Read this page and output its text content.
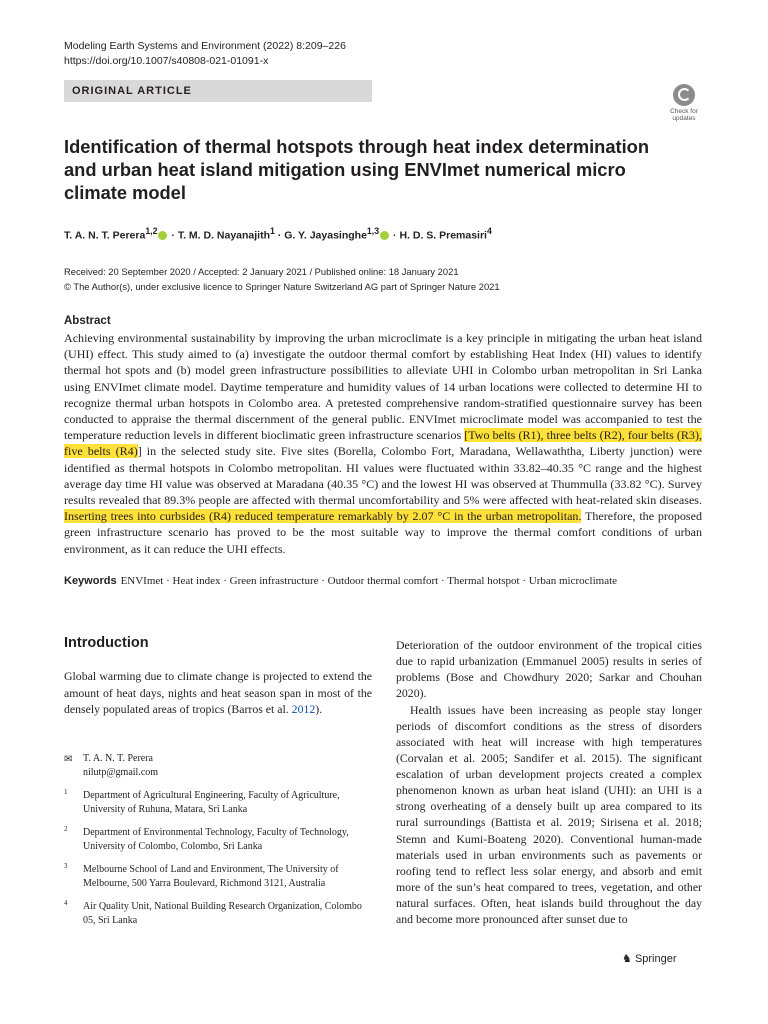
Modeling Earth Systems and Environment (2022) 8:209–226
https://doi.org/10.1007/s40808-021-01091-x
ORIGINAL ARTICLE
Check for updates
Identification of thermal hotspots through heat index determination and urban heat island mitigation using ENVImet numerical micro climate model
T. A. N. T. Perera$^{1,2}$ · T. M. D. Nayanajith$^1$ · G. Y. Jayasinghe$^{1,3}$ · H. D. S. Premasiri$^4$
Received: 20 September 2020 / Accepted: 2 January 2021 / Published online: 18 January 2021
© The Author(s), under exclusive licence to Springer Nature Switzerland AG part of Springer Nature 2021
Abstract
Achieving environmental sustainability by improving the urban microclimate is a key principle in mitigating the urban heat island (UHI) effect. This study aimed to (a) investigate the outdoor thermal comfort by establishing Heat Index (HI) values to identify thermal hot spots and (b) model green infrastructure possibilities to alleviate UHI in Colombo urban metropolitan in Sri Lanka using ENVImet climate model. Daytime temperature and humidity values of 14 urban locations were collected to determine HI to recognize thermal urban hotspots in Colombo area. A pretested comprehensive random-stratified questionnaire survey has been conducted to appraise the thermal discernment of the general public. ENVImet microclimate model was accompanied to test the temperature reduction levels in different bioclimatic green infrastructure scenarios [Two belts (R1), three belts (R2), four belts (R3), five belts (R4)] in the selected study site. Five sites (Borella, Colombo Fort, Maradana, Wellawaththa, Liberty junction) were identified as thermal hotspots in Colombo metropolitan. HI values were fluctuated within 33.82–40.35 °C range and the highest average day time HI value was observed at Maradana (40.35 °C) and the lowest HI was observed at Thummulla (33.82 °C). Survey results revealed that 89.3% people are affected with thermal uncomfortability and 5% were affected with heat-related skin diseases. Inserting trees into curbsides (R4) reduced temperature remarkably by 2.07 °C in the urban metropolitan. Therefore, the proposed green infrastructure scenario has proved to be the most suitable way to improve the thermal comfort conditions of urban environment, as it can reduce the UHI effects.
Keywords ENVImet · Heat index · Green infrastructure · Outdoor thermal comfort · Thermal hotspot · Urban microclimate
Introduction
Global warming due to climate change is projected to extend the amount of heat days, nights and heat season span in most of the densely populated areas of tropics (Barros et al. 2012).

Deterioration of the outdoor environment of the tropical cities due to rapid urbanization (Emmanuel 2005) results in series of problems (Bose and Chowdhury 2020; Sarkar and Chouhan 2020).

Health issues have been increasing as people stay longer periods of discomfort conditions as the stress of disorders associated with heat will increase with high temperatures (Corvalan et al. 2005; Sandifer et al. 2015). The significant escalation of urban development projects created a complex phenomenon known as urban heat island (UHI): an UHI is a strong overheating of a densely built up area compared to its rural surroundings (Battista et al. 2019; Sirisena et al. 2018; Stemn and Kumi-Boateng 2020). Conventional human-made materials used in urban environments such as pavements or roofing tend to reflect less solar energy, and absorb and emit more of the sun’s heat compared to trees, vegetation, and other natural surfaces. Often, heat islands build throughout the day and become more pronounced after sunset due to

✉ T. A. N. T. Perera
nilutp@gmail.com
1 Department of Agricultural Engineering, Faculty of Agriculture, University of Ruhuna, Matara, Sri Lanka
2 Department of Environmental Technology, Faculty of Technology, University of Colombo, Colombo, Sri Lanka
3 Melbourne School of Land and Environment, The University of Melbourne, 500 Yarra Boulevard, Richmond 3121, Australia
4 Air Quality Unit, National Building Research Organization, Colombo 05, Sri Lanka
♞ Springer
